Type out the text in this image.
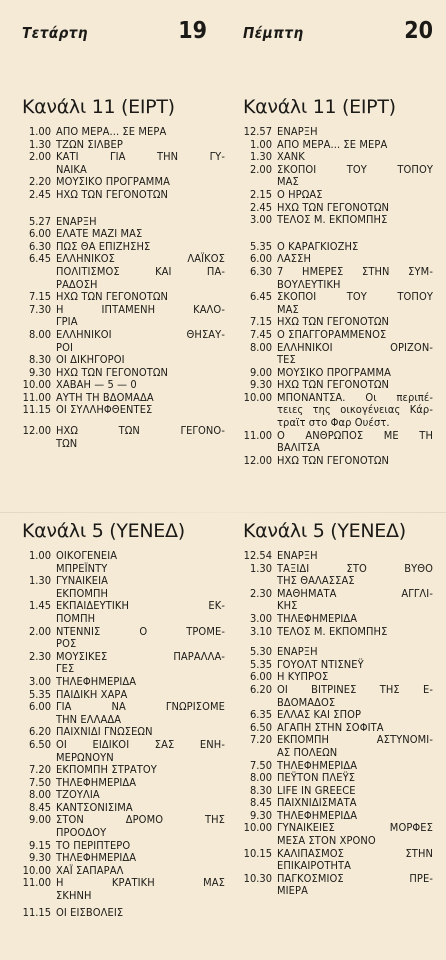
Τετάρτη	19
Κανάλι 11 (ΕΙΡΤ)
1.00 ΑΠΟ ΜΕΡΑ... ΣΕ ΜΕΡΑ
1.30 ΤΖΩΝ ΣΙΛΒΕΡ
2.00 ΚΑΤΙ ΓΙΑ ΤΗΝ ΓΥ-
ΝΑΙΚΑ
2.20 ΜΟΥΣΙΚΟ ΠΡΟΓΡΑΜΜΑ
2.45 ΗΧΩ ΤΩΝ ΓΕΓΟΝΟΤΩΝ
5.27 ΕΝΑΡΞΗ
6.00 ΕΛΑΤΕ ΜΑΖΙ ΜΑΣ
6.30 ΠΩΣ ΘΑ ΕΠΙΖΗΣΗΣ
6.45 ΕΛΛΗΝΙΚΟΣ ΛΑΪΚΟΣ
ΠΟΛΙΤΙΣΜΟΣ ΚΑΙ ΠΑ-
ΡΑΔΟΣΗ
7.15 ΗΧΩ ΤΩΝ ΓΕΓΟΝΟΤΩΝ
7.30 Η ΙΠΤΑΜΕΝΗ ΚΑΛΟ-
ΓΡΙΑ
8.00 ΕΛΛΗΝΙΚΟΙ ΘΗΣΑΥ-
ΡΟΙ
8.30 ΟΙ ΔΙΚΗΓΟΡΟΙ
9.30 ΗΧΩ ΤΩΝ ΓΕΓΟΝΟΤΩΝ
10.00 ΧΑΒΑΗ — 5 — 0
11.00 ΑΥΤΗ ΤΗ ΒΔΟΜΑΔΑ
11.15 ΟΙ ΣΥΛΛΗΦΘΕΝΤΕΣ
12.00 ΗΧΩ ΤΩΝ ΓΕΓΟΝΟ-
ΤΩΝ
Κανάλι 5 (ΥΕΝΕΔ)
1.00 ΟΙΚΟΓΕΝΕΙΑ
ΜΠΡΕΪΝΤΥ
1.30 ΓΥΝΑΙΚΕΙΑ
ΕΚΠΟΜΠΗ
1.45 ΕΚΠΑΙΔΕΥΤΙΚΗ ΕΚ-
ΠΟΜΠΗ
2.00 ΝΤΕΝΝΙΣ Ο ΤΡΟΜΕ-
ΡΟΣ
2.30 ΜΟΥΣΙΚΕΣ ΠΑΡΑΛΛΑ-
ΓΕΣ
3.00 ΤΗΛΕΦΗΜΕΡΙΔΑ
5.35 ΠΑΙΔΙΚΗ ΧΑΡΑ
6.00 ΓΙΑ ΝΑ ΓΝΩΡΙΣΟΜΕ
ΤΗΝ ΕΛΛΑΔΑ
6.20 ΠΑΙΧΝΙΔΙ ΓΝΩΣΕΩΝ
6.50 ΟΙ ΕΙΔΙΚΟΙ ΣΑΣ ΕΝΗ-
ΜΕΡΩΝΟΥΝ
7.20 ΕΚΠΟΜΠΗ ΣΤΡΑΤΟΥ
7.50 ΤΗΛΕΦΗΜΕΡΙΔΑ
8.00 ΤΖΟΥΛΙΑ
8.45 ΚΑΝΤΣΟΝΙΣΙΜΑ
9.00 ΣΤΟΝ ΔΡΟΜΟ ΤΗΣ
ΠΡΟΟΔΟΥ
9.15 ΤΟ ΠΕΡΙΠΤΕΡΟ
9.30 ΤΗΛΕΦΗΜΕΡΙΔΑ
10.00 ΧΑΪ ΣΑΠΑΡΑΛ
11.00 Η ΚΡΑΤΙΚΗ ΜΑΣ
ΣΚΗΝΗ
11.15 ΟΙ ΕΙΣΒΟΛΕΙΣ
Πέμπτη	20
Κανάλι 11 (ΕΙΡΤ)
12.57 ΕΝΑΡΞΗ
1.00 ΑΠΟ ΜΕΡΑ... ΣΕ ΜΕΡΑ
1.30 ΧΑΝΚ
2.00 ΣΚΟΠΟΙ ΤΟΥ ΤΟΠΟΥ
ΜΑΣ
2.15 Ο ΗΡΩΑΣ
2.45 ΗΧΩ ΤΩΝ ΓΕΓΟΝΟΤΩΝ
3.00 ΤΕΛΟΣ Μ. ΕΚΠΟΜΠΗΣ
5.35 Ο ΚΑΡΑΓΚΙΟΖΗΣ
6.00 ΛΑΣΣΗ
6.30 7 ΗΜΕΡΕΣ ΣΤΗΝ ΣΥΜ-
ΒΟΥΛΕΥΤΙΚΗ
6.45 ΣΚΟΠΟΙ ΤΟΥ ΤΟΠΟΥ
ΜΑΣ
7.15 ΗΧΩ ΤΩΝ ΓΕΓΟΝΟΤΩΝ
7.45 Ο ΣΠΑΓΓΟΡΑΜΜΕΝΟΣ
8.00 ΕΛΛΗΝΙΚΟΙ ΟΡΙΖΟΝ-
ΤΕΣ
9.00 ΜΟΥΣΙΚΟ ΠΡΟΓΡΑΜΜΑ
9.30 ΗΧΩ ΤΩΝ ΓΕΓΟΝΟΤΩΝ
10.00 ΜΠΟΝΑΝΤΣΑ. Οι περιπέ-
τειες της οικογένειας Κάρ-
τραϊτ στο Φαρ Ουέστ.
11.00 Ο ΑΝΘΡΩΠΟΣ ΜΕ ΤΗ
ΒΑΛΙΤΣΑ
12.00 ΗΧΩ ΤΩΝ ΓΕΓΟΝΟΤΩΝ
Κανάλι 5 (ΥΕΝΕΔ)
12.54 ΕΝΑΡΞΗ
1.30 ΤΑΞΙΔΙ ΣΤΟ ΒΥΘΟ
ΤΗΣ ΘΑΛΑΣΣΑΣ
2.30 ΜΑΘΗΜΑΤΑ ΑΓΓΛΙ-
ΚΗΣ
3.00 ΤΗΛΕΦΗΜΕΡΙΔΑ
3.10 ΤΕΛΟΣ Μ. ΕΚΠΟΜΠΗΣ
5.30 ΕΝΑΡΞΗ
5.35 ΓΟΥΟΛΤ ΝΤΙΣΝΕΫ
6.00 Η ΚΥΠΡΟΣ
6.20 ΟΙ ΒΙΤΡΙΝΕΣ ΤΗΣ Ε-
ΒΔΟΜΑΔΟΣ
6.35 ΕΛΛΑΣ ΚΑΙ ΣΠΟΡ
6.50 ΑΓΑΠΗ ΣΤΗΝ ΣΟΦΙΤΑ
7.20 ΕΚΠΟΜΠΗ ΑΣΤΥΝΟΜΙ-
ΑΣ ΠΟΛΕΩΝ
7.50 ΤΗΛΕΦΗΜΕΡΙΔΑ
8.00 ΠΕΫΤΟΝ ΠΛΕΫΣ
8.30 LIFE IN GREECE
8.45 ΠΑΙΧΝΙΔΙΣΜΑΤΑ
9.30 ΤΗΛΕΦΗΜΕΡΙΔΑ
10.00 ΓΥΝΑΙΚΕΙΕΣ ΜΟΡΦΕΣ
ΜΕΣΑ ΣΤΟΝ ΧΡΟΝΟ
10.15 ΚΑΛΙΠΑΣΜΟΣ ΣΤΗΝ
ΕΠΙΚΑΙΡΟΤΗΤΑ
10.30 ΠΑΓΚΟΣΜΙΟΣ ΠΡΕ-
ΜΙΕΡΑ
